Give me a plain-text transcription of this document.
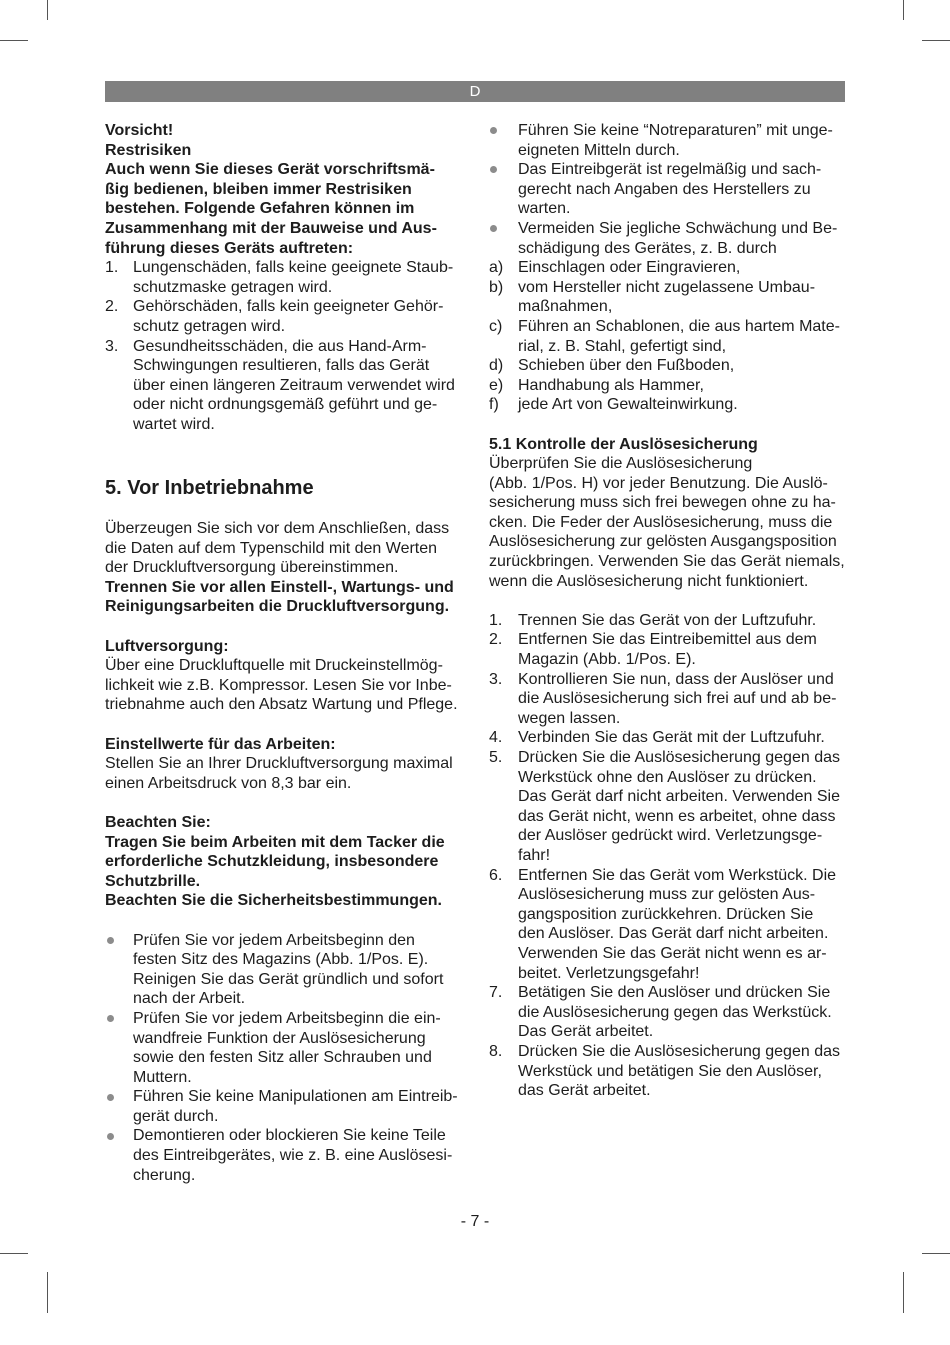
D
Vorsicht!
Restrisiken
Auch wenn Sie dieses Gerät vorschriftsmä-
ßig bedienen, bleiben immer Restrisiken
bestehen. Folgende Gefahren können im
Zusammenhang mit der Bauweise und Aus-
führung dieses Geräts auftreten:
1. Lungenschäden, falls keine geeignete Staub-
schutzmaske getragen wird.
2. Gehörschäden, falls kein geeigneter Gehör-
schutz getragen wird.
3. Gesundheitsschäden, die aus Hand-Arm-
Schwingungen resultieren, falls das Gerät
über einen längeren Zeitraum verwendet wird
oder nicht ordnungsgemäß geführt und ge-
wartet wird.
5. Vor Inbetriebnahme
Überzeugen Sie sich vor dem Anschließen, dass
die Daten auf dem Typenschild mit den Werten
der Druckluftversorgung übereinstimmen.
Trennen Sie vor allen Einstell-, Wartungs- und
Reinigungsarbeiten die Druckluftversorgung.
Luftversorgung:
Über eine Druckluftquelle mit Druckeinstellmög-
lichkeit wie z.B. Kompressor. Lesen Sie vor Inbe-
triebnahme auch den Absatz Wartung und Pflege.
Einstellwerte für das Arbeiten:
Stellen Sie an Ihrer Druckluftversorgung maximal
einen Arbeitsdruck von 8,3 bar ein.
Beachten Sie:
Tragen Sie beim Arbeiten mit dem Tacker die
erforderliche Schutzkleidung, insbesondere
Schutzbrille.
Beachten Sie die Sicherheitsbestimmungen.
Prüfen Sie vor jedem Arbeitsbeginn den
festen Sitz des Magazins (Abb. 1/Pos. E).
Reinigen Sie das Gerät gründlich und sofort
nach der Arbeit.
Prüfen Sie vor jedem Arbeitsbeginn die ein-
wandfreie Funktion der Auslösesicherung
sowie den festen Sitz aller Schrauben und
Muttern.
Führen Sie keine Manipulationen am Eintreib-
gerät durch.
Demontieren oder blockieren Sie keine Teile
des Eintreibgerätes, wie z. B. eine Auslösesi-
cherung.
Führen Sie keine “Notreparaturen” mit unge-
eigneten Mitteln durch.
Das Eintreibgerät ist regelmäßig und sach-
gerecht nach Angaben des Herstellers zu
warten.
Vermeiden Sie jegliche Schwächung und Be-
schädigung des Gerätes, z. B. durch
a) Einschlagen oder Eingravieren,
b) vom Hersteller nicht zugelassene Umbau-
maßnahmen,
c) Führen an Schablonen, die aus hartem Mate-
rial, z. B. Stahl, gefertigt sind,
d) Schieben über den Fußboden,
e) Handhabung als Hammer,
f) jede Art von Gewalteinwirkung.
5.1 Kontrolle der Auslösesicherung
Überprüfen Sie die Auslösesicherung
(Abb. 1/Pos. H) vor jeder Benutzung. Die Auslö-
sesicherung muss sich frei bewegen ohne zu ha-
cken. Die Feder der Auslösesicherung, muss die
Auslösesicherung zur gelösten Ausgangsposition
zurückbringen. Verwenden Sie das Gerät niemals,
wenn die Auslösesicherung nicht funktioniert.
1. Trennen Sie das Gerät von der Luftzufuhr.
2. Entfernen Sie das Eintreibemittel aus dem
Magazin (Abb. 1/Pos. E).
3. Kontrollieren Sie nun, dass der Auslöser und
die Auslösesicherung sich frei auf und ab be-
wegen lassen.
4. Verbinden Sie das Gerät mit der Luftzufuhr.
5. Drücken Sie die Auslösesicherung gegen das
Werkstück ohne den Auslöser zu drücken.
Das Gerät darf nicht arbeiten. Verwenden Sie
das Gerät nicht, wenn es arbeitet, ohne dass
der Auslöser gedrückt wird. Verletzungsge-
fahr!
6. Entfernen Sie das Gerät vom Werkstück. Die
Auslösesicherung muss zur gelösten Aus-
gangsposition zurückkehren. Drücken Sie
den Auslöser. Das Gerät darf nicht arbeiten.
Verwenden Sie das Gerät nicht wenn es ar-
beitet. Verletzungsgefahr!
7. Betätigen Sie den Auslöser und drücken Sie
die Auslösesicherung gegen das Werkstück.
Das Gerät arbeitet.
8. Drücken Sie die Auslösesicherung gegen das
Werkstück und betätigen Sie den Auslöser,
das Gerät arbeitet.
- 7 -
